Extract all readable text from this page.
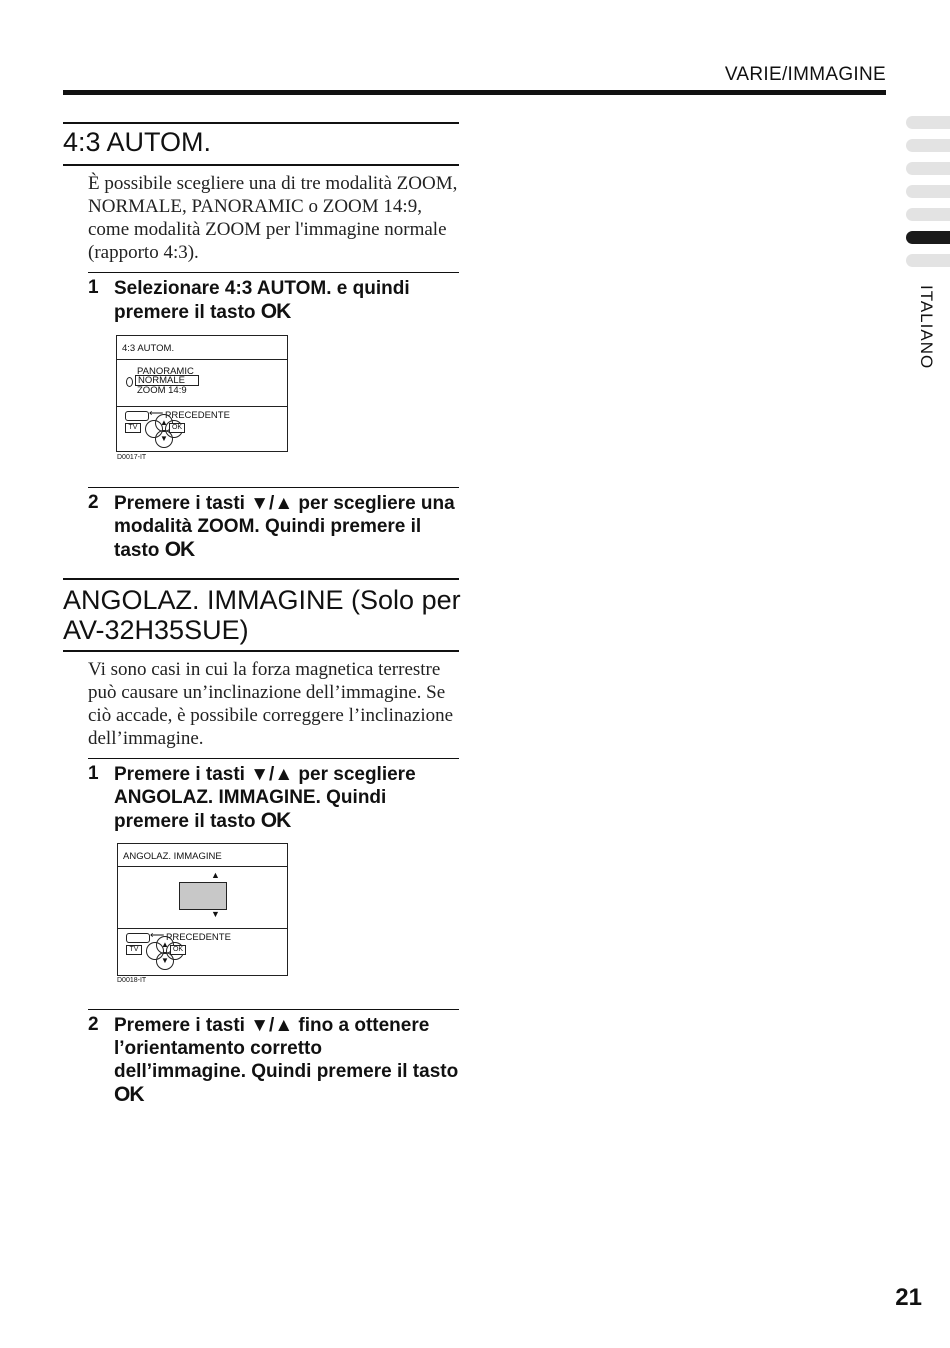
VARIE/IMMAGINE
ITALIANO
4:3 AUTOM.
È possibile scegliere una di tre modalità ZOOM, NORMALE, PANORAMIC o ZOOM 14:9, come modalità ZOOM per l'immagine normale (rapporto 4:3).
1 Selezionare 4:3 AUTOM. e quindi premere il tasto OK
4:3 AUTOM.
PANORAMIC
NORMALE
ZOOM 14:9
⟵ PRECEDENTE
TV
▲
▼
OK
D0017-IT
2 Premere i tasti ▼/▲ per scegliere una modalità ZOOM. Quindi premere il tasto OK
ANGOLAZ. IMMAGINE (Solo per AV-32H35SUE)
Vi sono casi in cui la forza magnetica terrestre può causare un’inclinazione dell’immagine. Se ciò accade, è possibile correggere l’inclinazione dell’immagine.
1 Premere i tasti ▼/▲ per scegliere ANGOLAZ. IMMAGINE. Quindi premere il tasto OK
ANGOLAZ. IMMAGINE
▲
▼
⟵ PRECEDENTE
TV
▲
▼
OK
D0018-IT
2 Premere i tasti ▼/▲ fino a ottenere l’orientamento corretto dell’immagine. Quindi premere il tasto OK
21
